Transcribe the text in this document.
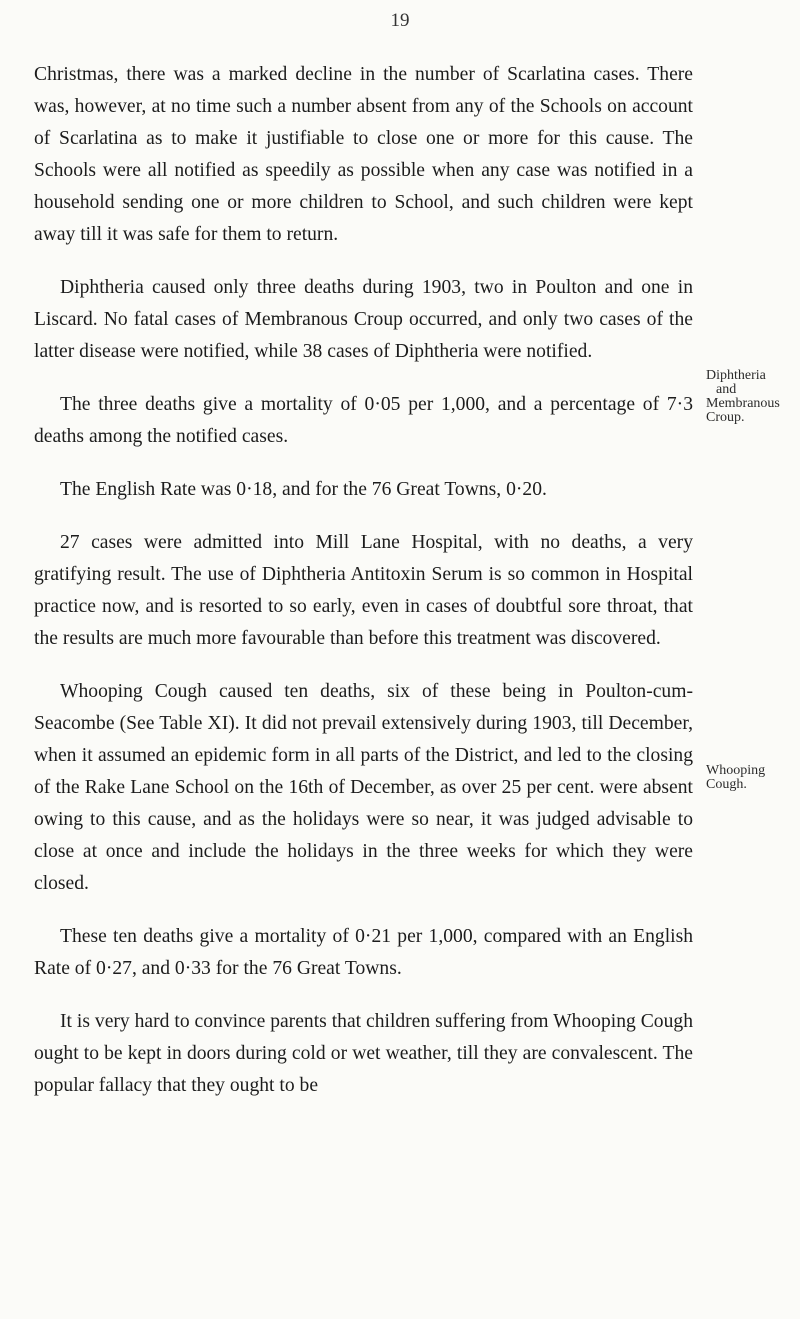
19

Christmas, there was a marked decline in the number of Scarlatina cases. There was, however, at no time such a number absent from any of the Schools on account of Scarlatina as to make it justifiable to close one or more for this cause. The Schools were all notified as speedily as possible when any case was notified in a household sending one or more children to School, and such children were kept away till it was safe for them to return.

Diphtheria caused only three deaths during 1903, two in Poulton and one in Liscard. No fatal cases of Membranous Croup occurred, and only two cases of the latter disease were notified, while 38 cases of Diphtheria were notified.

The three deaths give a mortality of 0·05 per 1,000, and a percentage of 7·3 deaths among the notified cases.

The English Rate was 0·18, and for the 76 Great Towns, 0·20.

27 cases were admitted into Mill Lane Hospital, with no deaths, a very gratifying result. The use of Diphtheria Antitoxin Serum is so common in Hospital practice now, and is resorted to so early, even in cases of doubtful sore throat, that the results are much more favourable than before this treatment was discovered.

Whooping Cough caused ten deaths, six of these being in Poulton-cum-Seacombe (See Table XI). It did not prevail extensively during 1903, till December, when it assumed an epidemic form in all parts of the District, and led to the closing of the Rake Lane School on the 16th of December, as over 25 per cent. were absent owing to this cause, and as the holidays were so near, it was judged advisable to close at once and include the holidays in the three weeks for which they were closed.

These ten deaths give a mortality of 0·21 per 1,000, compared with an English Rate of 0·27, and 0·33 for the 76 Great Towns.

It is very hard to convince parents that children suffering from Whooping Cough ought to be kept in doors during cold or wet weather, till they are convalescent. The popular fallacy that they ought to be

Diphtheria
and
Membranous
Croup.
Whooping
Cough.
